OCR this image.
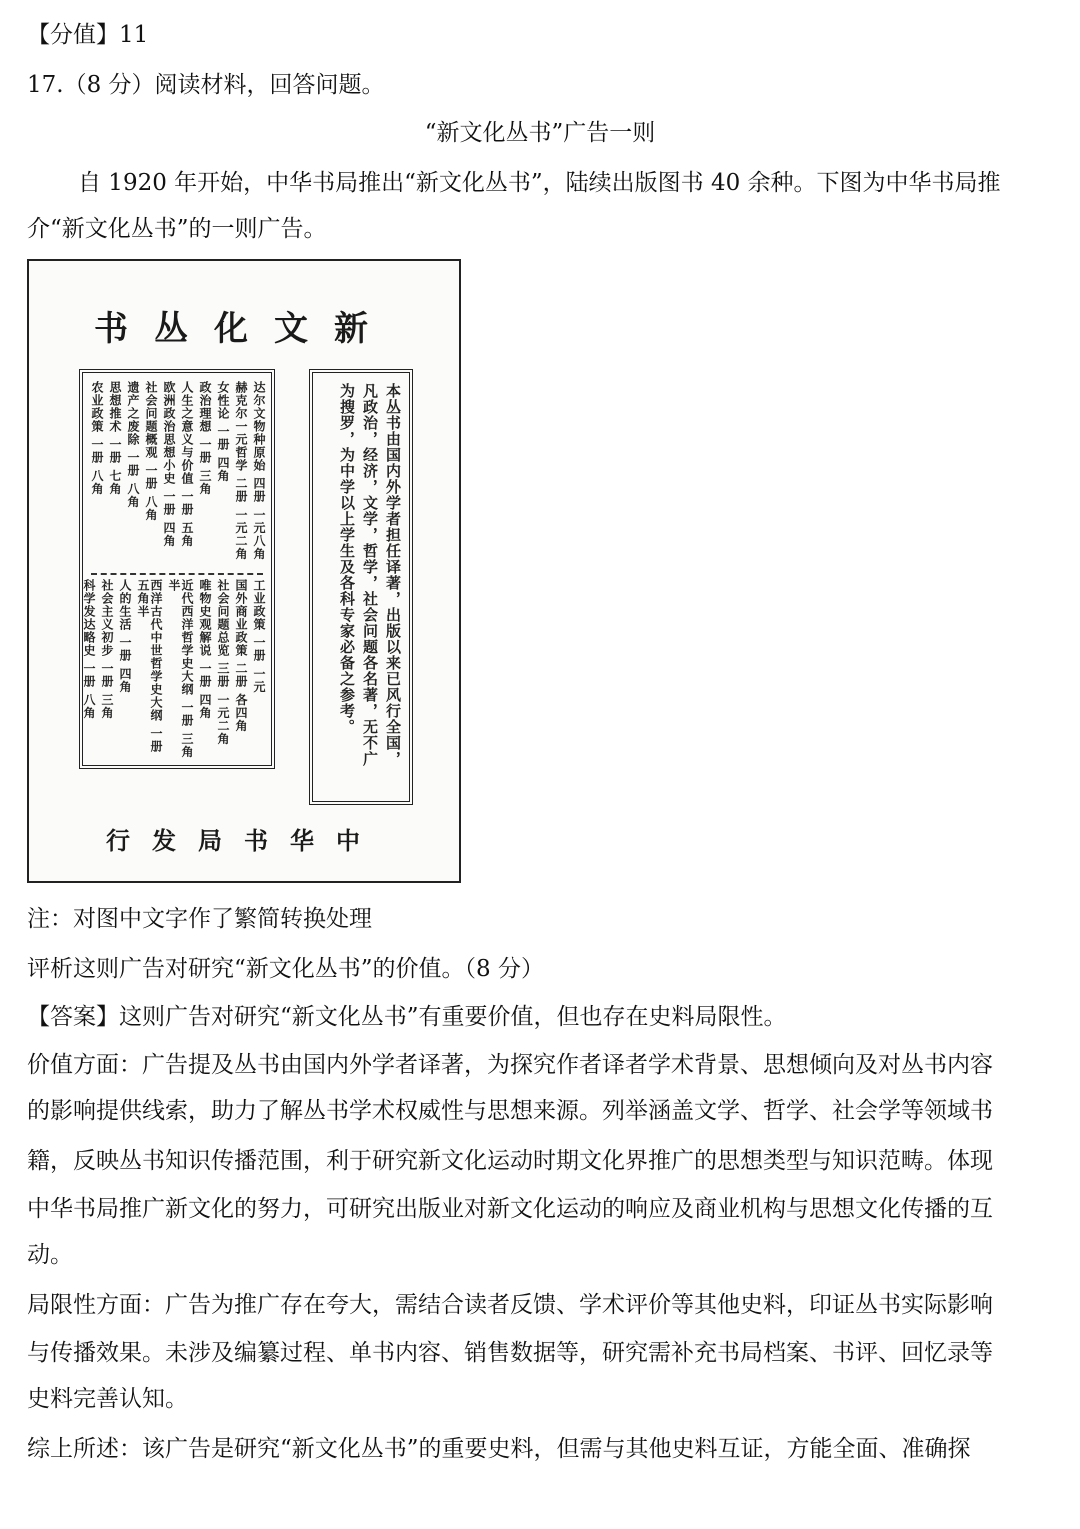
【分值】11
17.（8 分）阅读材料，回答问题。
“新文化丛书”广告一则
自 1920 年开始，中华书局推出“新文化丛书”，陆续出版图书 40 余种。下图为中华书局推
介“新文化丛书”的一则广告。
书丛化文新
达尔文物种原始 四册 一元八角
赫克尔一元哲学 二册 一元二角
女性论 一册 四角
政治理想 一册 三角
人生之意义与价值 一册 五角
欧洲政治思想小史 一册 四角
社会问题概观 一册 八角
遗产之废除 一册 八角
思想推术 一册 七角
农业政策 一册 八角
工业政策 一册 一元
国外商业政策 二册 各四角
社会问题总览 三册 一元二角
唯物史观解说 一册 四角
近代西洋哲学史大纲 一册 三角半
西洋古代中世哲学史大纲 一册 五角半
人的生活 一册 四角
社会主义初步 一册 三角
科学发达略史 一册 八角	本丛书由国内外学者担任译著，出版以来已风行全国，
凡政治，经济，文学，哲学，社会问题各名著，无不广
为搜罗，为中学以上学生及各科专家必备之参考。
行发局书华中
注：对图中文字作了繁简转换处理
评析这则广告对研究“新文化丛书”的价值。（8 分）
【答案】这则广告对研究“新文化丛书”有重要价值，但也存在史料局限性。
价值方面：广告提及丛书由国内外学者译著，为探究作者译者学术背景、思想倾向及对丛书内容
的影响提供线索，助力了解丛书学术权威性与思想来源。列举涵盖文学、哲学、社会学等领域书
籍，反映丛书知识传播范围，利于研究新文化运动时期文化界推广的思想类型与知识范畴。体现
中华书局推广新文化的努力，可研究出版业对新文化运动的响应及商业机构与思想文化传播的互
动。
局限性方面：广告为推广存在夸大，需结合读者反馈、学术评价等其他史料，印证丛书实际影响
与传播效果。未涉及编纂过程、单书内容、销售数据等，研究需补充书局档案、书评、回忆录等
史料完善认知。
综上所述：该广告是研究“新文化丛书”的重要史料，但需与其他史料互证，方能全面、准确探
